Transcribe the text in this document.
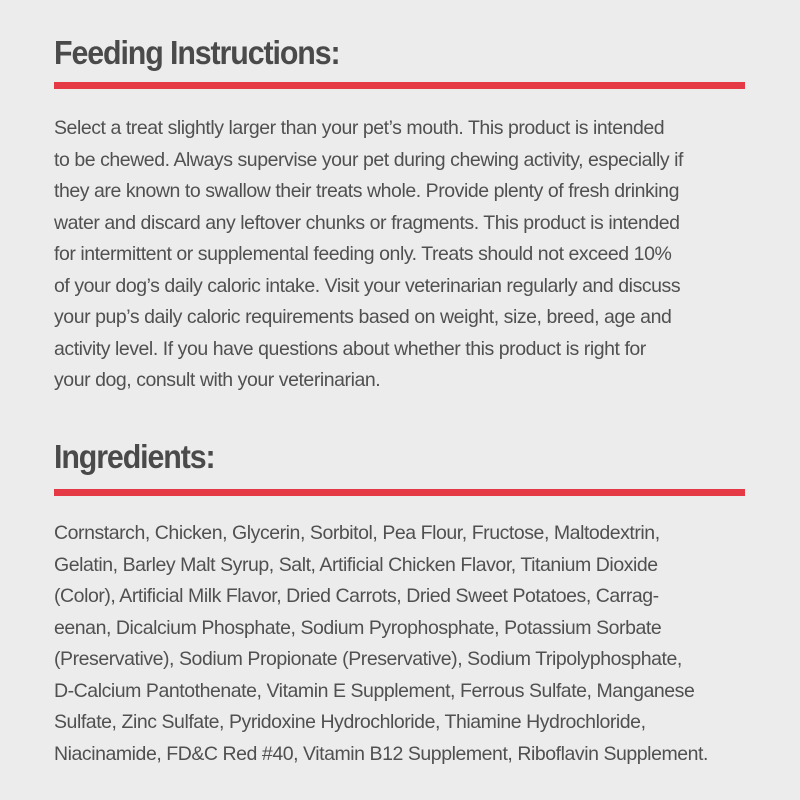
Feeding Instructions:
Select a treat slightly larger than your pet’s mouth. This product is intended
to be chewed. Always supervise your pet during chewing activity, especially if
they are known to swallow their treats whole. Provide plenty of fresh drinking
water and discard any leftover chunks or fragments. This product is intended
for intermittent or supplemental feeding only. Treats should not exceed 10%
of your dog’s daily caloric intake. Visit your veterinarian regularly and discuss
your pup’s daily caloric requirements based on weight, size, breed, age and
activity level. If you have questions about whether this product is right for
your dog, consult with your veterinarian.
Ingredients:
Cornstarch, Chicken, Glycerin, Sorbitol, Pea Flour, Fructose, Maltodextrin,
Gelatin, Barley Malt Syrup, Salt, Artificial Chicken Flavor, Titanium Dioxide
(Color), Artificial Milk Flavor, Dried Carrots, Dried Sweet Potatoes, Carrag-
eenan, Dicalcium Phosphate, Sodium Pyrophosphate, Potassium Sorbate
(Preservative), Sodium Propionate (Preservative), Sodium Tripolyphosphate,
D-Calcium Pantothenate, Vitamin E Supplement, Ferrous Sulfate, Manganese
Sulfate, Zinc Sulfate, Pyridoxine Hydrochloride, Thiamine Hydrochloride,
Niacinamide, FD&C Red #40, Vitamin B12 Supplement, Riboflavin Supplement.
